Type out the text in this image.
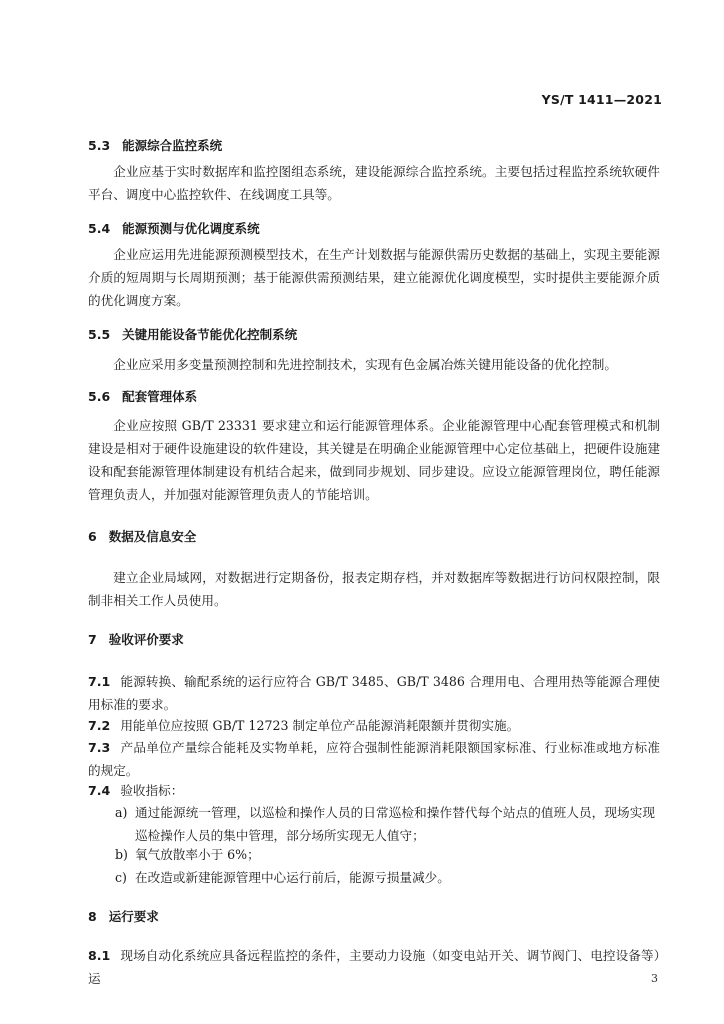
YS/T 1411—2021
5.3 能源综合监控系统

企业应基于实时数据库和监控图组态系统，建设能源综合监控系统。主要包括过程监控系统软硬件平台、调度中心监控软件、在线调度工具等。

5.4 能源预测与优化调度系统

企业应运用先进能源预测模型技术，在生产计划数据与能源供需历史数据的基础上，实现主要能源介质的短周期与长周期预测；基于能源供需预测结果，建立能源优化调度模型，实时提供主要能源介质的优化调度方案。

5.5 关键用能设备节能优化控制系统

企业应采用多变量预测控制和先进控制技术，实现有色金属冶炼关键用能设备的优化控制。

5.6 配套管理体系

企业应按照 GB/T 23331 要求建立和运行能源管理体系。企业能源管理中心配套管理模式和机制建设是相对于硬件设施建设的软件建设，其关键是在明确企业能源管理中心定位基础上，把硬件设施建设和配套能源管理体制建设有机结合起来，做到同步规划、同步建设。应设立能源管理岗位，聘任能源管理负责人，并加强对能源管理负责人的节能培训。

6 数据及信息安全

建立企业局域网，对数据进行定期备份，报表定期存档，并对数据库等数据进行访问权限控制，限制非相关工作人员使用。

7 验收评价要求

7.1 能源转换、输配系统的运行应符合 GB/T 3485、GB/T 3486 合理用电、合理用热等能源合理使用标准的要求。

7.2 用能单位应按照 GB/T 12723 制定单位产品能源消耗限额并贯彻实施。

7.3 产品单位产量综合能耗及实物单耗，应符合强制性能源消耗限额国家标准、行业标准或地方标准的规定。

7.4 验收指标：

a) 通过能源统一管理，以巡检和操作人员的日常巡检和操作替代每个站点的值班人员，现场实现巡检操作人员的集中管理，部分场所实现无人值守；

b) 氧气放散率小于 6%；

c) 在改造或新建能源管理中心运行前后，能源亏损量减少。

8 运行要求

8.1 现场自动化系统应具备远程监控的条件，主要动力设施（如变电站开关、调节阀门、电控设备等）运	3
